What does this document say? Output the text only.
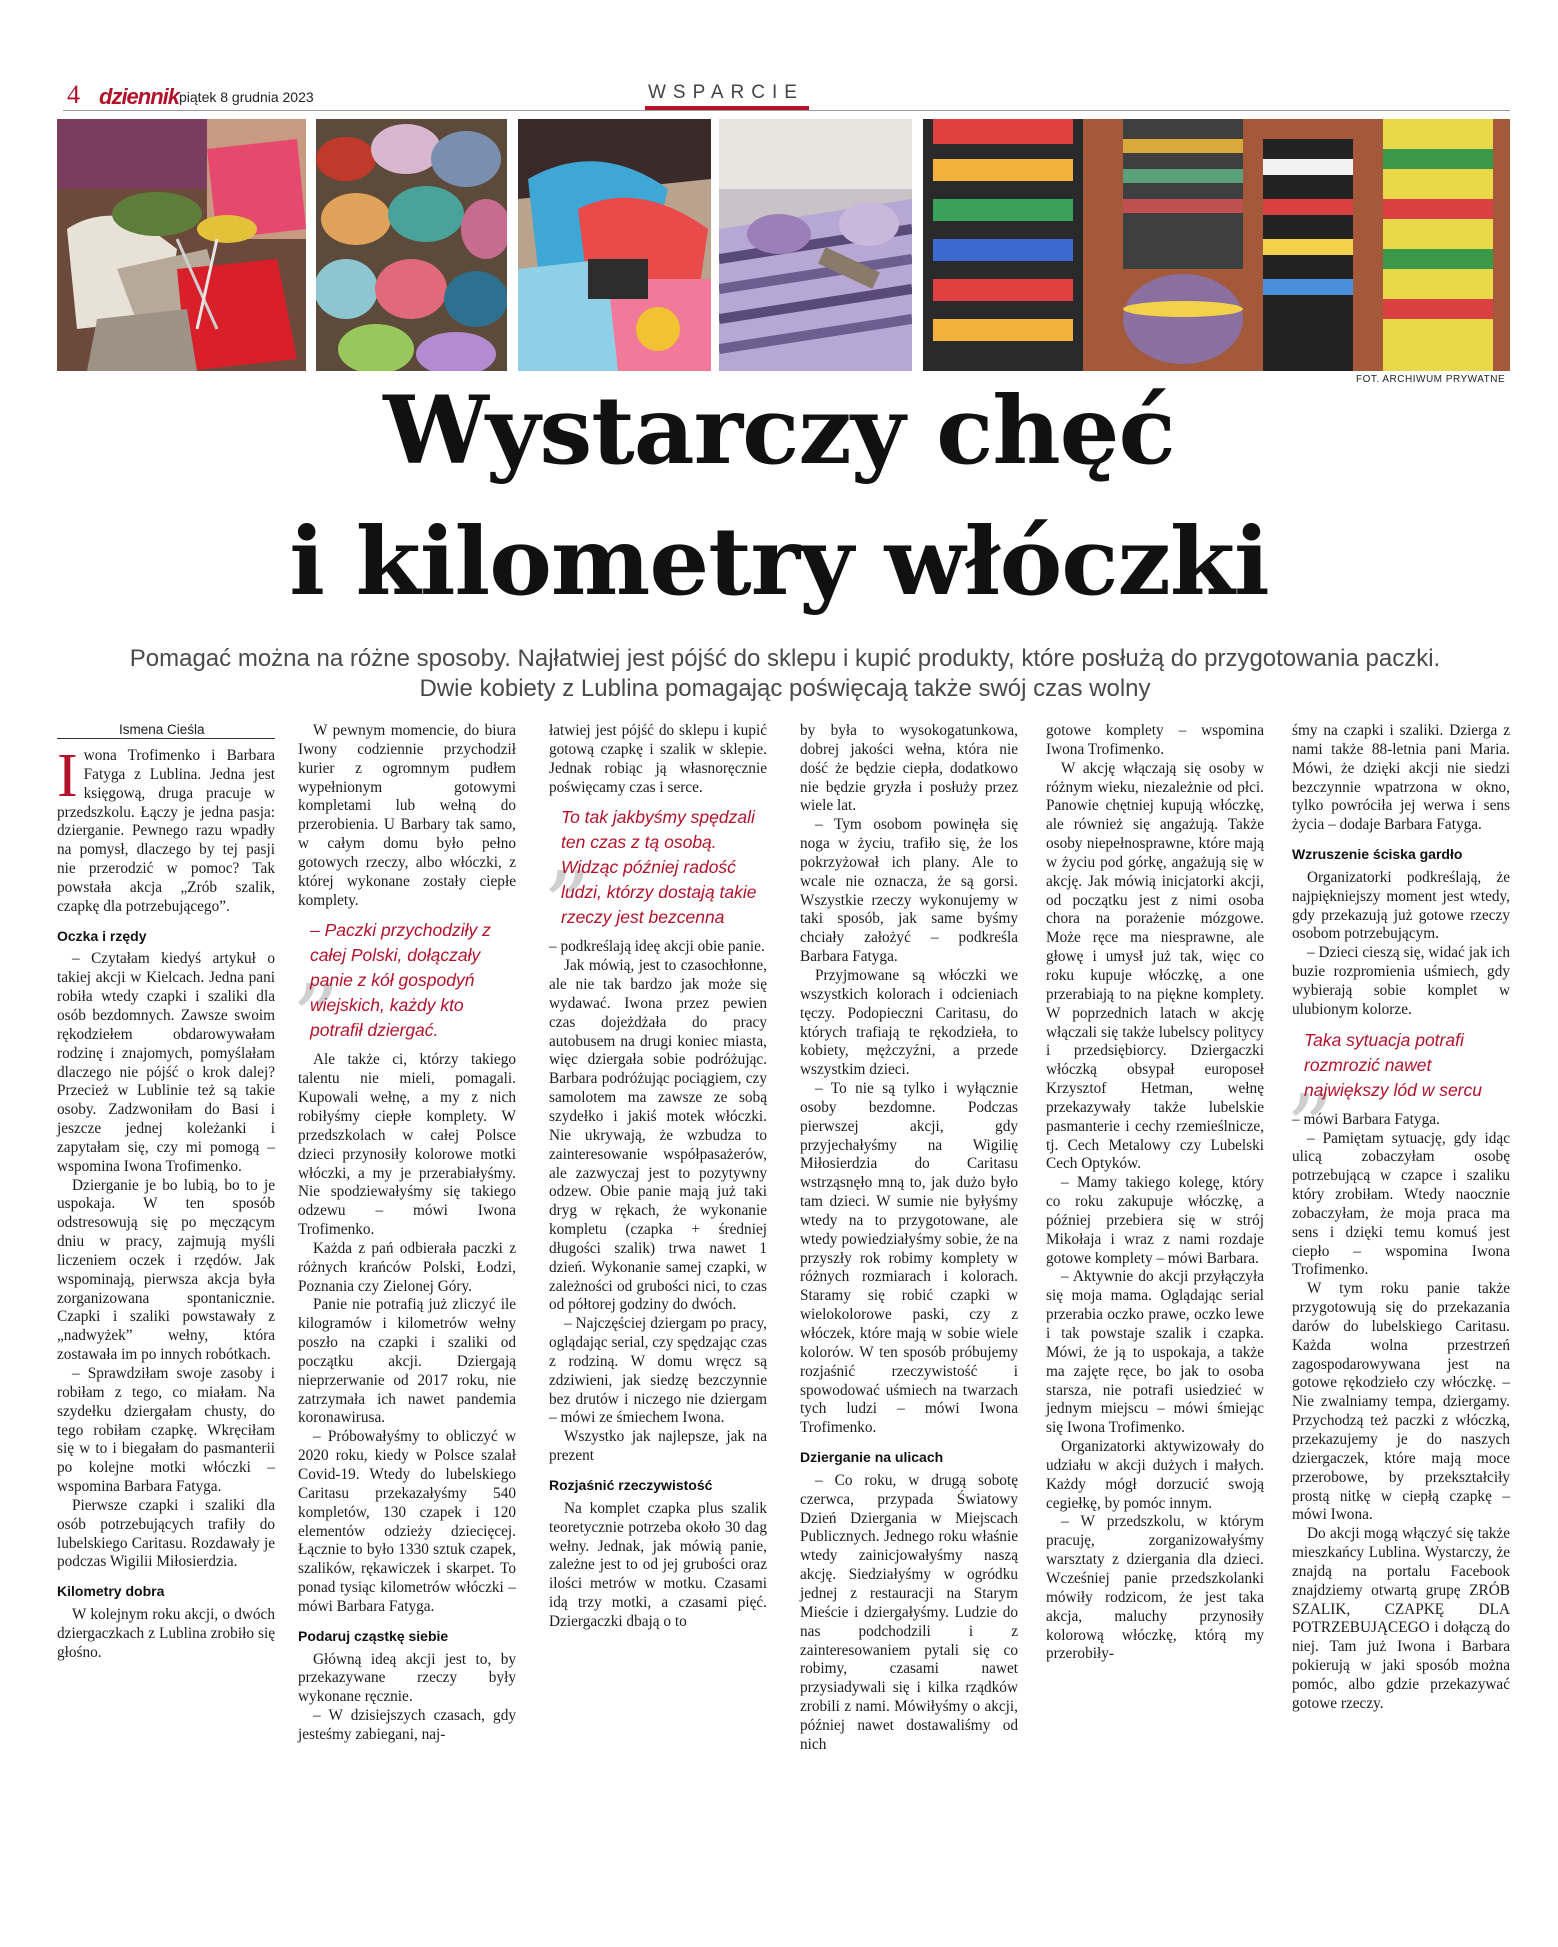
4 dziennik piątek 8 grudnia 2023	WSPARCIE
FOT. ARCHIWUM PRYWATNE
Wystarczy chęć
i kilometry włóczki

Pomagać można na różne sposoby. Najłatwiej jest pójść do sklepu i kupić produkty, które posłużą do przygotowania paczki.

Dwie kobiety z Lublina pomagając poświęcają także swój czas wolny

Ismena Cieśla

Iwona Trofimenko i Barbara Fatyga z Lublina. Jedna jest księgową, druga pracuje w przedszkolu. Łączy je jedna pasja: dzierganie. Pewnego razu wpadły na pomysł, dlaczego by tej pasji nie przerodzić w pomoc? Tak powstała akcja „Zrób szalik, czapkę dla potrzebującego”.

Oczka i rzędy

– Czytałam kiedyś artykuł o takiej akcji w Kielcach. Jedna pani robiła wtedy czapki i szaliki dla osób bezdomnych. Zawsze swoim rękodziełem obdarowywałam rodzinę i znajomych, pomyślałam dlaczego nie pójść o krok dalej? Przecież w Lublinie też są takie osoby. Zadzwoniłam do Basi i jeszcze jednej koleżanki i zapytałam się, czy mi pomogą – wspomina Iwona Trofimenko.

Dzierganie je bo lubią, bo to je uspokaja. W ten sposób odstresowują się po męczącym dniu w pracy, zajmują myśli liczeniem oczek i rzędów. Jak wspominają, pierwsza akcja była zorganizowana spontanicznie. Czapki i szaliki powstawały z „nadwyżek” wełny, która zostawała im po innych robótkach.

– Sprawdziłam swoje zasoby i robiłam z tego, co miałam. Na szydełku dziergałam chusty, do tego robiłam czapkę. Wkręciłam się w to i biegałam do pasmanterii po kolejne motki włóczki – wspomina Barbara Fatyga.

Pierwsze czapki i szaliki dla osób potrzebujących trafiły do lubelskiego Caritasu. Rozdawały je podczas Wigilii Miłosierdzia.

Kilometry dobra

W kolejnym roku akcji, o dwóch dziergaczkach z Lublina zrobiło się głośno.

W pewnym momencie, do biura Iwony codziennie przychodził kurier z ogromnym pudłem wypełnionym gotowymi kompletami lub wełną do przerobienia. U Barbary tak samo, w całym domu było pełno gotowych rzeczy, albo włóczki, z której wykonane zostały ciepłe komplety.

„
– Paczki przychodziły z całej Polski, dołączały panie z kół gospodyń wiejskich, każdy kto potrafił dziergać.

Ale także ci, którzy takiego talentu nie mieli, pomagali. Kupowali wełnę, a my z nich robiłyśmy ciepłe komplety. W przedszkolach w całej Polsce dzieci przynosiły kolorowe motki włóczki, a my je przerabiałyśmy. Nie spodziewałyśmy się takiego odzewu – mówi Iwona Trofimenko.

Każda z pań odbierała paczki z różnych krańców Polski, Łodzi, Poznania czy Zielonej Góry.

Panie nie potrafią już zliczyć ile kilogramów i kilometrów wełny poszło na czapki i szaliki od początku akcji. Dziergają nieprzerwanie od 2017 roku, nie zatrzymała ich nawet pandemia koronawirusa.

– Próbowałyśmy to obliczyć w 2020 roku, kiedy w Polsce szalał Covid-19. Wtedy do lubelskiego Caritasu przekazałyśmy 540 kompletów, 130 czapek i 120 elementów odzieży dziecięcej. Łącznie to było 1330 sztuk czapek, szalików, rękawiczek i skarpet. To ponad tysiąc kilometrów włóczki – mówi Barbara Fatyga.

Podaruj cząstkę siebie

Główną ideą akcji jest to, by przekazywane rzeczy były wykonane ręcznie.

– W dzisiejszych czasach, gdy jesteśmy zabiegani, naj-

łatwiej jest pójść do sklepu i kupić gotową czapkę i szalik w sklepie. Jednak robiąc ją własnoręcznie poświęcamy czas i serce.

„
To tak jakbyśmy spędzali ten czas z tą osobą. Widząc później radość ludzi, którzy dostają takie rzeczy jest bezcenna

– podkreślają ideę akcji obie panie.

Jak mówią, jest to czasochłonne, ale nie tak bardzo jak może się wydawać. Iwona przez pewien czas dojeżdżała do pracy autobusem na drugi koniec miasta, więc dziergała sobie podróżując. Barbara podróżując pociągiem, czy samolotem ma zawsze ze sobą szydełko i jakiś motek włóczki. Nie ukrywają, że wzbudza to zainteresowanie współpasażerów, ale zazwyczaj jest to pozytywny odzew. Obie panie mają już taki dryg w rękach, że wykonanie kompletu (czapka + średniej długości szalik) trwa nawet 1 dzień. Wykonanie samej czapki, w zależności od grubości nici, to czas od półtorej godziny do dwóch.

– Najczęściej dziergam po pracy, oglądając serial, czy spędzając czas z rodziną. W domu wręcz są zdziwieni, jak siedzę bezczynnie bez drutów i niczego nie dziergam – mówi ze śmiechem Iwona.

Wszystko jak najlepsze, jak na prezent

Rozjaśnić rzeczywistość

Na komplet czapka plus szalik teoretycznie potrzeba około 30 dag wełny. Jednak, jak mówią panie, zależne jest to od jej grubości oraz ilości metrów w motku. Czasami idą trzy motki, a czasami pięć. Dziergaczki dbają o to

by była to wysokogatunkowa, dobrej jakości wełna, która nie dość że będzie ciepła, dodatkowo nie będzie gryzła i posłuży przez wiele lat.

– Tym osobom powinęła się noga w życiu, trafiło się, że los pokrzyżował ich plany. Ale to wcale nie oznacza, że są gorsi. Wszystkie rzeczy wykonujemy w taki sposób, jak same byśmy chciały założyć – podkreśla Barbara Fatyga.

Przyjmowane są włóczki we wszystkich kolorach i odcieniach tęczy. Podopieczni Caritasu, do których trafiają te rękodzieła, to kobiety, mężczyźni, a przede wszystkim dzieci.

– To nie są tylko i wyłącznie osoby bezdomne. Podczas pierwszej akcji, gdy przyjechałyśmy na Wigilię Miłosierdzia do Caritasu wstrząsnęło mną to, jak dużo było tam dzieci. W sumie nie byłyśmy wtedy na to przygotowane, ale wtedy powiedziałyśmy sobie, że na przyszły rok robimy komplety w różnych rozmiarach i kolorach. Staramy się robić czapki w wielokolorowe paski, czy z włóczek, które mają w sobie wiele kolorów. W ten sposób próbujemy rozjaśnić rzeczywistość i spowodować uśmiech na twarzach tych ludzi – mówi Iwona Trofimenko.

Dzierganie na ulicach

– Co roku, w drugą sobotę czerwca, przypada Światowy Dzień Dziergania w Miejscach Publicznych. Jednego roku właśnie wtedy zainicjowałyśmy naszą akcję. Siedziałyśmy w ogródku jednej z restauracji na Starym Mieście i dziergałyśmy. Ludzie do nas podchodzili i z zainteresowaniem pytali się co robimy, czasami nawet przysiadywali się i kilka rządków zrobili z nami. Mówiłyśmy o akcji, później nawet dostawaliśmy od nich

gotowe komplety – wspomina Iwona Trofimenko.

W akcję włączają się osoby w różnym wieku, niezależnie od płci. Panowie chętniej kupują włóczkę, ale również się angażują. Także osoby niepełnosprawne, które mają w życiu pod górkę, angażują się w akcję. Jak mówią inicjatorki akcji, od początku jest z nimi osoba chora na porażenie mózgowe. Może ręce ma niesprawne, ale głowę i umysł już tak, więc co roku kupuje włóczkę, a one przerabiają to na piękne komplety. W poprzednich latach w akcję włączali się także lubelscy politycy i przedsiębiorcy. Dziergaczki włóczką obsypał europoseł Krzysztof Hetman, wełnę przekazywały także lubelskie pasmanterie i cechy rzemieślnicze, tj. Cech Metalowy czy Lubelski Cech Optyków.

– Mamy takiego kolegę, który co roku zakupuje włóczkę, a później przebiera się w strój Mikołaja i wraz z nami rozdaje gotowe komplety – mówi Barbara.

– Aktywnie do akcji przyłączyła się moja mama. Oglądając serial przerabia oczko prawe, oczko lewe i tak powstaje szalik i czapka. Mówi, że ją to uspokaja, a także ma zajęte ręce, bo jak to osoba starsza, nie potrafi usiedzieć w jednym miejscu – mówi śmiejąc się Iwona Trofimenko.

Organizatorki aktywizowały do udziału w akcji dużych i małych. Każdy mógł dorzucić swoją cegiełkę, by pomóc innym.

– W przedszkolu, w którym pracuję, zorganizowałyśmy warsztaty z dziergania dla dzieci. Wcześniej panie przedszkolanki mówiły rodzicom, że jest taka akcja, maluchy przynosiły kolorową włóczkę, którą my przerobiły-

śmy na czapki i szaliki. Dzierga z nami także 88-letnia pani Maria. Mówi, że dzięki akcji nie siedzi bezczynnie wpatrzona w okno, tylko powróciła jej werwa i sens życia – dodaje Barbara Fatyga.

Wzruszenie ściska gardło

Organizatorki podkreślają, że najpiękniejszy moment jest wtedy, gdy przekazują już gotowe rzeczy osobom potrzebującym.

– Dzieci cieszą się, widać jak ich buzie rozpromienia uśmiech, gdy wybierają sobie komplet w ulubionym kolorze.

„
Taka sytuacja potrafi rozmrozić nawet największy lód w sercu

– mówi Barbara Fatyga.

– Pamiętam sytuację, gdy idąc ulicą zobaczyłam osobę potrzebującą w czapce i szaliku który zrobiłam. Wtedy naocznie zobaczyłam, że moja praca ma sens i dzięki temu komuś jest ciepło – wspomina Iwona Trofimenko.

W tym roku panie także przygotowują się do przekazania darów do lubelskiego Caritasu. Każda wolna przestrzeń zagospodarowywana jest na gotowe rękodzieło czy włóczkę. – Nie zwalniamy tempa, dziergamy. Przychodzą też paczki z włóczką, przekazujemy je do naszych dziergaczek, które mają moce przerobowe, by przekształciły prostą nitkę w ciepłą czapkę – mówi Iwona.

Do akcji mogą włączyć się także mieszkańcy Lublina. Wystarczy, że znajdą na portalu Facebook znajdziemy otwartą grupę ZRÓB SZALIK, CZAPKĘ DLA POTRZEBUJĄCEGO i dołączą do niej. Tam już Iwona i Barbara pokierują w jaki sposób można pomóc, albo gdzie przekazywać gotowe rzeczy.
